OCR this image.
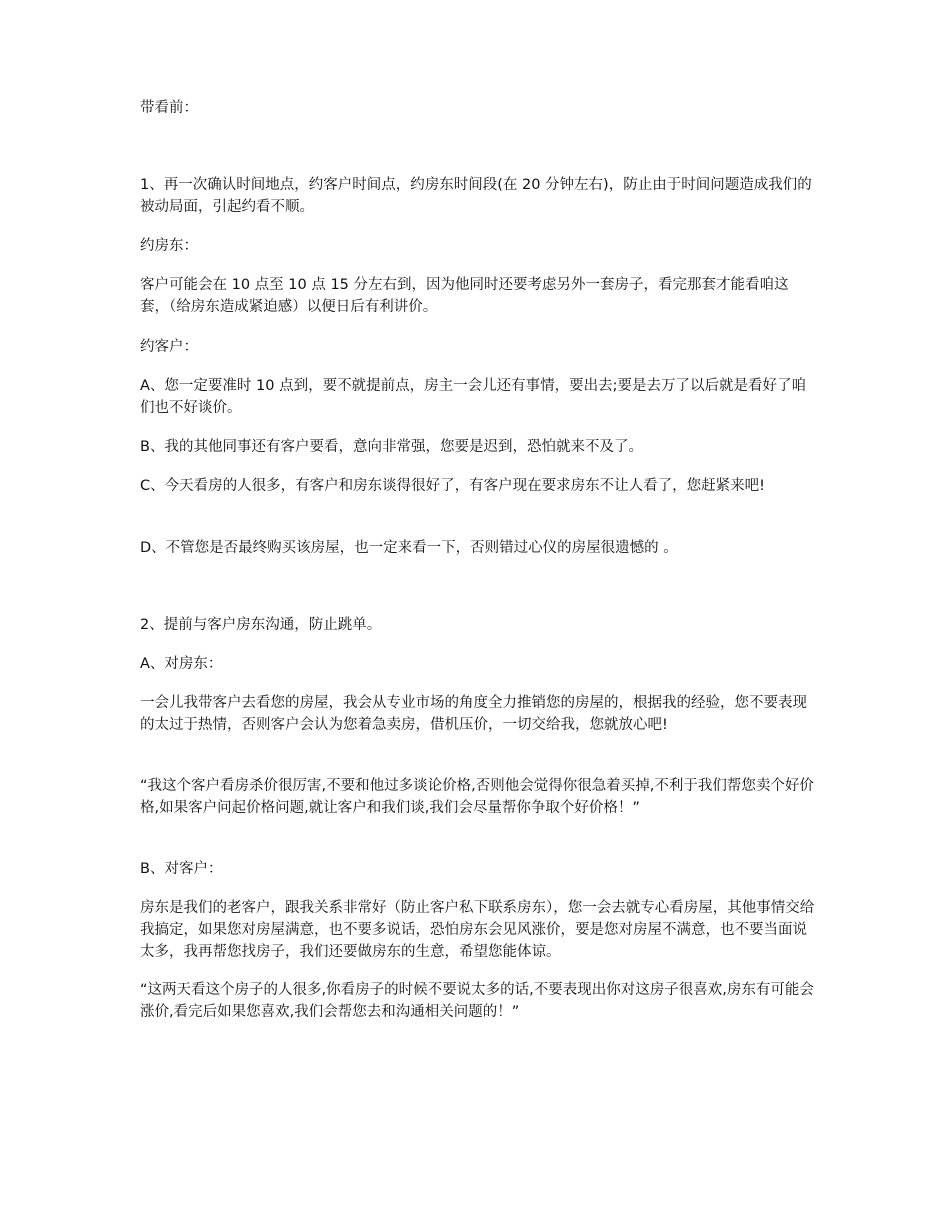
带看前：

1、再一次确认时间地点，约客户时间点，约房东时间段(在 20 分钟左右)，防止由于时间问题造成我们的被动局面，引起约看不顺。

约房东：

客户可能会在 10 点至 10 点 15 分左右到，因为他同时还要考虑另外一套房子，看完那套才能看咱这套，（给房东造成紧迫感）以便日后有利讲价。

约客户：

A、您一定要准时 10 点到，要不就提前点，房主一会儿还有事情，要出去;要是去万了以后就是看好了咱们也不好谈价。

B、我的其他同事还有客户要看，意向非常强，您要是迟到，恐怕就来不及了。

C、今天看房的人很多，有客户和房东谈得很好了，有客户现在要求房东不让人看了，您赶紧来吧!

D、不管您是否最终购买该房屋，也一定来看一下，否则错过心仪的房屋很遗憾的 。

2、提前与客户房东沟通，防止跳单。

A、对房东：

一会儿我带客户去看您的房屋，我会从专业市场的角度全力推销您的房屋的，根据我的经验，您不要表现的太过于热情，否则客户会认为您着急卖房，借机压价，一切交给我，您就放心吧!

“我这个客户看房杀价很厉害,不要和他过多谈论价格,否则他会觉得你很急着买掉,不利于我们帮您卖个好价格,如果客户问起价格问题,就让客户和我们谈,我们会尽量帮你争取个好价格！”

B、对客户：

房东是我们的老客户，跟我关系非常好（防止客户私下联系房东），您一会去就专心看房屋，其他事情交给我搞定，如果您对房屋满意，也不要多说话，恐怕房东会见风涨价，要是您对房屋不满意，也不要当面说太多，我再帮您找房子，我们还要做房东的生意，希望您能体谅。

“这两天看这个房子的人很多,你看房子的时候不要说太多的话,不要表现出你对这房子很喜欢,房东有可能会涨价,看完后如果您喜欢,我们会帮您去和沟通相关问题的！”
